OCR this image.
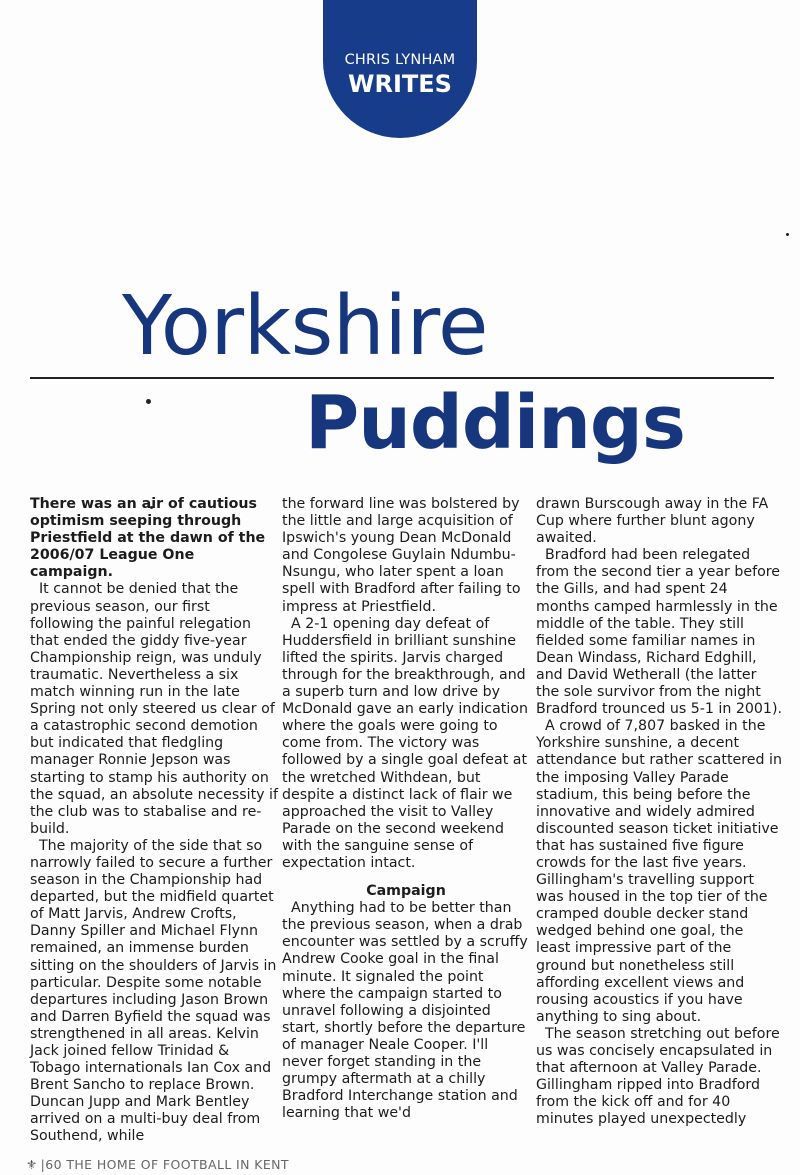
CHRIS LYNHAM
WRITES
Yorkshire
Puddings

There was an air of cautious optimism seeping through Priestfield at the dawn of the 2006/07 League One campaign.

It cannot be denied that the previous season, our first following the painful relegation that ended the giddy five-year Championship reign, was unduly traumatic. Nevertheless a six match winning run in the late Spring not only steered us clear of a catastrophic second demotion but indicated that fledgling manager Ronnie Jepson was starting to stamp his authority on the squad, an absolute necessity if the club was to stabalise and re-build.

The majority of the side that so narrowly failed to secure a further season in the Championship had departed, but the midfield quartet of Matt Jarvis, Andrew Crofts, Danny Spiller and Michael Flynn remained, an immense burden sitting on the shoulders of Jarvis in particular. Despite some notable departures including Jason Brown and Darren Byfield the squad was strengthened in all areas. Kelvin Jack joined fellow Trinidad & Tobago internationals Ian Cox and Brent Sancho to replace Brown. Duncan Jupp and Mark Bentley arrived on a multi-buy deal from Southend, while

the forward line was bolstered by the little and large acquisition of Ipswich's young Dean McDonald and Congolese Guylain Ndumbu-Nsungu, who later spent a loan spell with Bradford after failing to impress at Priestfield.

A 2-1 opening day defeat of Huddersfield in brilliant sunshine lifted the spirits. Jarvis charged through for the breakthrough, and a superb turn and low drive by McDonald gave an early indication where the goals were going to come from. The victory was followed by a single goal defeat at the wretched Withdean, but despite a distinct lack of flair we approached the visit to Valley Parade on the second weekend with the sanguine sense of expectation intact.

Campaign

Anything had to be better than the previous season, when a drab encounter was settled by a scruffy Andrew Cooke goal in the final minute. It signaled the point where the campaign started to unravel following a disjointed start, shortly before the departure of manager Neale Cooper. I'll never forget standing in the grumpy aftermath at a chilly Bradford Interchange station and learning that we'd

drawn Burscough away in the FA Cup where further blunt agony awaited.

Bradford had been relegated from the second tier a year before the Gills, and had spent 24 months camped harmlessly in the middle of the table. They still fielded some familiar names in Dean Windass, Richard Edghill, and David Wetherall (the latter the sole survivor from the night Bradford trounced us 5-1 in 2001).

A crowd of 7,807 basked in the Yorkshire sunshine, a decent attendance but rather scattered in the imposing Valley Parade stadium, this being before the innovative and widely admired discounted season ticket initiative that has sustained five figure crowds for the last five years. Gillingham's travelling support was housed in the top tier of the cramped double decker stand wedged behind one goal, the least impressive part of the ground but nonetheless still affording excellent views and rousing acoustics if you have anything to sing about.

The season stretching out before us was concisely encapsulated in that afternoon at Valley Parade. Gillingham ripped into Bradford from the kick off and for 40 minutes played unexpectedly

⚜ |60 THE HOME OF FOOTBALL IN KENT
